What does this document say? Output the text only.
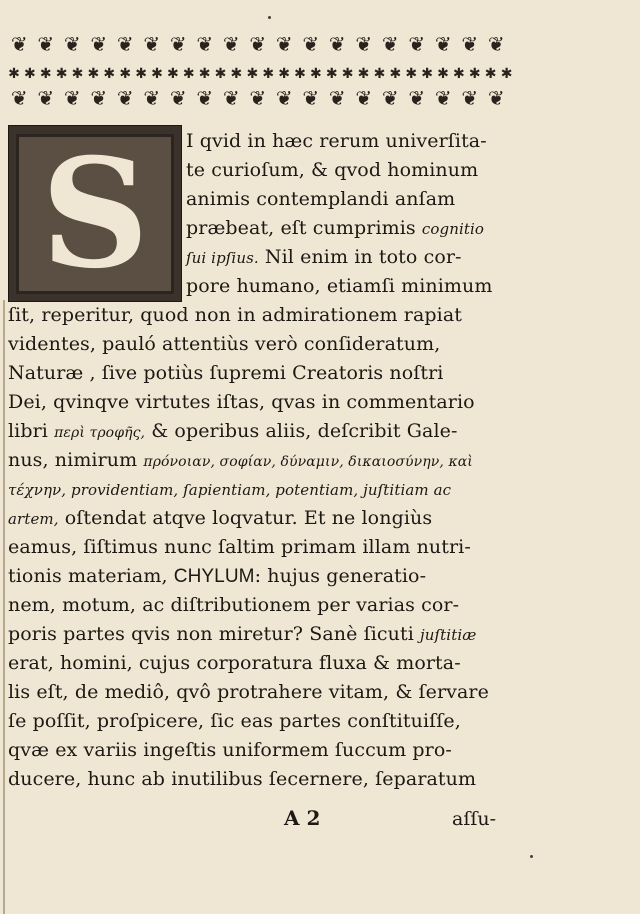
❦ ❦ ❦ ❦ ❦ ❦ ❦ ❦ ❦ ❦ ❦ ❦ ❦ ❦ ❦ ❦ ❦ ❦ ❦
✱ ✱ ✱ ✱ ✱ ✱ ✱ ✱ ✱ ✱ ✱ ✱ ✱ ✱ ✱ ✱ ✱ ✱ ✱ ✱ ✱ ✱ ✱ ✱ ✱ ✱ ✱ ✱ ✱ ✱ ✱ ✱
❦ ❦ ❦ ❦ ❦ ❦ ❦ ❦ ❦ ❦ ❦ ❦ ❦ ❦ ❦ ❦ ❦ ❦ ❦
S I qvid in hæc rerum univerſita-
te curioſum, & qvod hominum
animis contemplandi anſam
præbeat, eſt cumprimis cognitio
ſui ipſius. Nil enim in toto cor-
pore humano, etiamſi minimum
ſit, reperitur, quod non in admirationem rapiat
videntes, pauló attentiùs verò conſideratum,
Naturæ , ſive potiùs ſupremi Creatoris noſtri
Dei, qvinqve virtutes iſtas, qvas in commentario
libri περὶ τροφῆς, & operibus aliis, deſcribit Gale-
nus, nimirum πρόνοιαν, σοφίαν, δύναμιν, δικαιοσύνην, καὶ
τέχνην, providentiam, ſapientiam, potentiam, juſtitiam ac
artem, oſtendat atqve loqvatur. Et ne longiùs
eamus, ſiſtimus nunc ſaltim primam illam nutri-
tionis materiam, CHYLUM: hujus generatio-
nem, motum, ac diſtributionem per varias cor-
poris partes qvis non miretur? Sanè ſicuti juſtitiæ
erat, homini, cujus corporatura fluxa & morta-
lis eſt, de mediô, qvô protrahere vitam, & ſervare
ſe poſſit, proſpicere, ſic eas partes conſtituiſſe,
qvæ ex variis ingeſtis uniformem ſuccum pro-
ducere, hunc ab inutilibus ſecernere, ſeparatum
A 2	aſſu-
